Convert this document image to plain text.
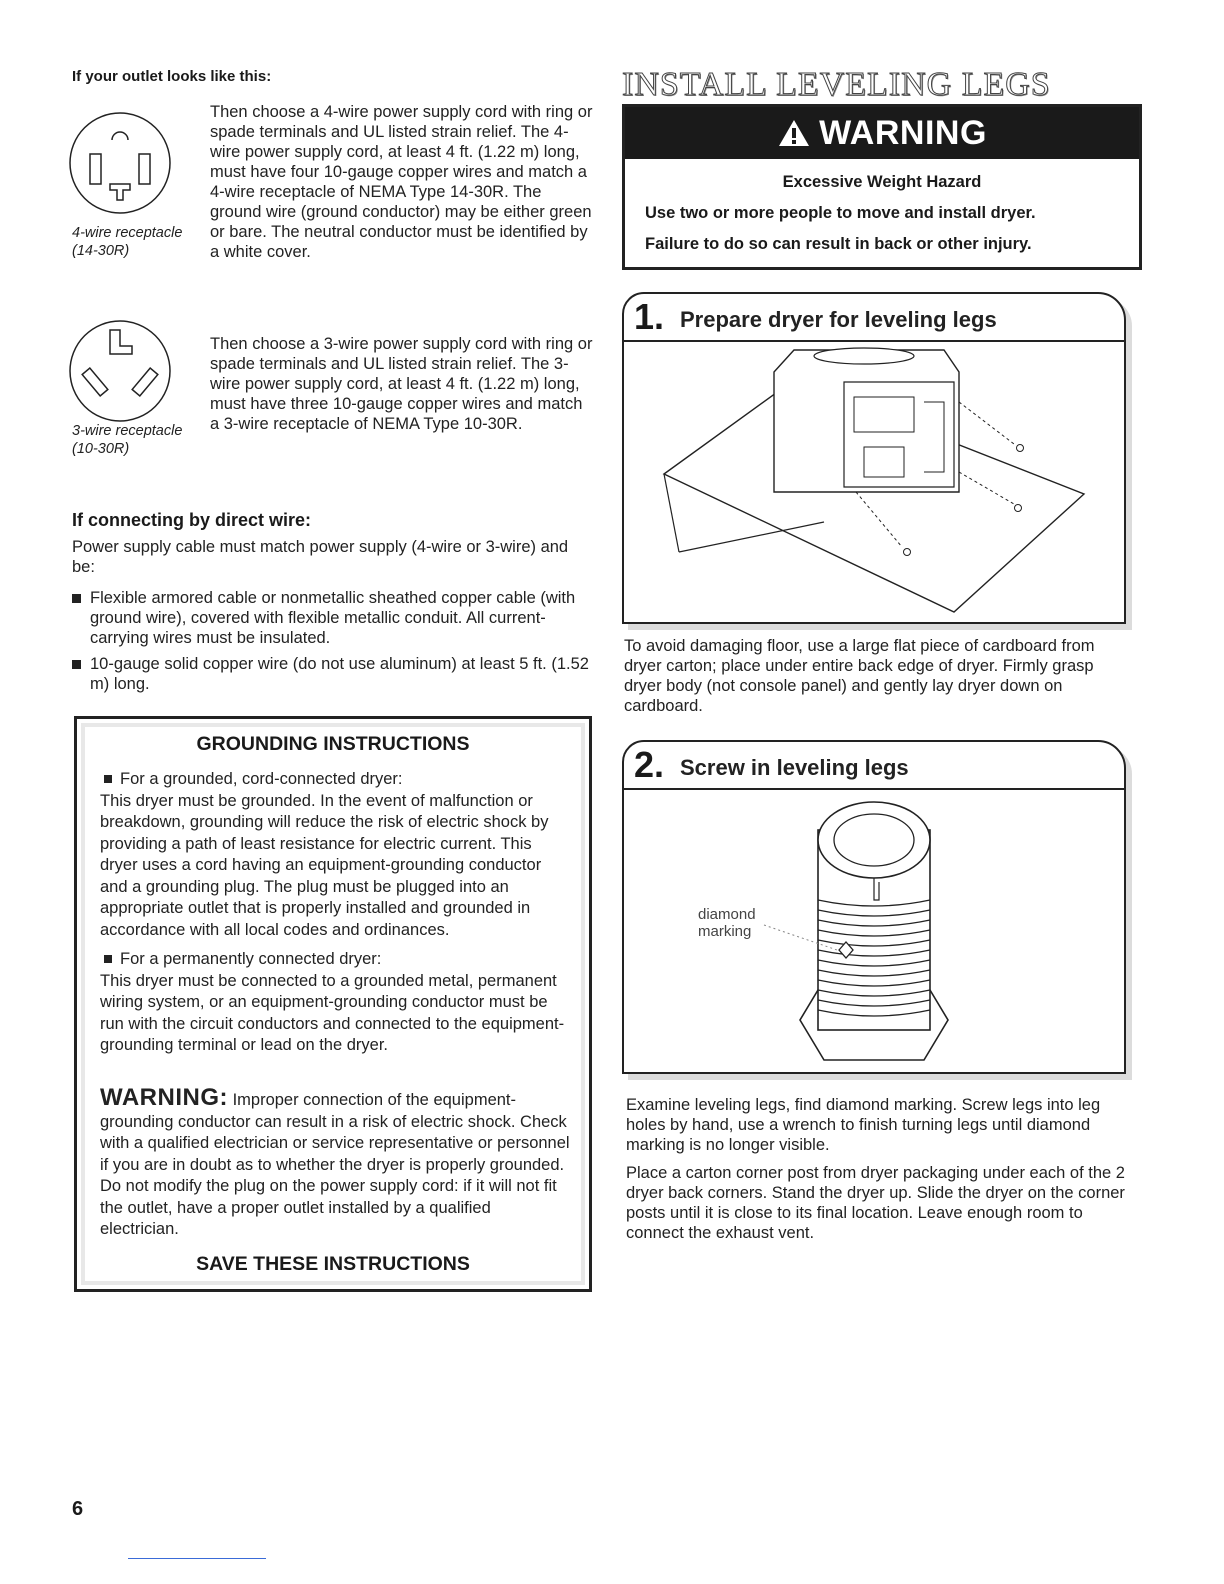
If your outlet looks like this:
4-wire receptacle
(14-30R)
Then choose a 4-wire power supply cord with ring or spade terminals and UL listed strain relief. The 4-wire power supply cord, at least 4 ft. (1.22 m) long, must have four 10-gauge copper wires and match a 4-wire receptacle of NEMA Type 14-30R. The ground wire (ground conductor) may be either green or bare. The neutral conductor must be identified by a white cover.
3-wire receptacle
(10-30R)
Then choose a 3-wire power supply cord with ring or spade terminals and UL listed strain relief. The 3-wire power supply cord, at least 4 ft. (1.22 m) long, must have three 10-gauge copper wires and match a 3-wire receptacle of NEMA Type 10-30R.
If connecting by direct wire:
Power supply cable must match power supply (4-wire or 3-wire) and be:
Flexible armored cable or nonmetallic sheathed copper cable (with ground wire), covered with flexible metallic conduit. All current-carrying wires must be insulated.
10-gauge solid copper wire (do not use aluminum) at least 5 ft. (1.52 m) long.
GROUNDING INSTRUCTIONS
For a grounded, cord-connected dryer:
This dryer must be grounded. In the event of malfunction or breakdown, grounding will reduce the risk of electric shock by providing a path of least resistance for electric current. This dryer uses a cord having an equipment-grounding conductor and a grounding plug. The plug must be plugged into an appropriate outlet that is properly installed and grounded in accordance with all local codes and ordinances.
For a permanently connected dryer:
This dryer must be connected to a grounded metal, permanent wiring system, or an equipment-grounding conductor must be run with the circuit conductors and connected to the equipment-grounding terminal or lead on the dryer.
WARNING: Improper connection of the equipment-grounding conductor can result in a risk of electric shock. Check with a qualified electrician or service representative or personnel if you are in doubt as to whether the dryer is properly grounded. Do not modify the plug on the power supply cord: if it will not fit the outlet, have a proper outlet installed by a qualified electrician.
SAVE THESE INSTRUCTIONS
6
INSTALL LEVELING LEGS
WARNING
Excessive Weight Hazard
Use two or more people to move and install dryer.
Failure to do so can result in back or other injury.
1. Prepare dryer for leveling legs
To avoid damaging floor, use a large flat piece of cardboard from dryer carton; place under entire back edge of dryer. Firmly grasp dryer body (not console panel) and gently lay dryer down on cardboard.
2. Screw in leveling legs
diamond
marking
Examine leveling legs, find diamond marking. Screw legs into leg holes by hand, use a wrench to finish turning legs until diamond marking is no longer visible.
Place a carton corner post from dryer packaging under each of the 2 dryer back corners. Stand the dryer up. Slide the dryer on the corner posts until it is close to its final location. Leave enough room to connect the exhaust vent.
